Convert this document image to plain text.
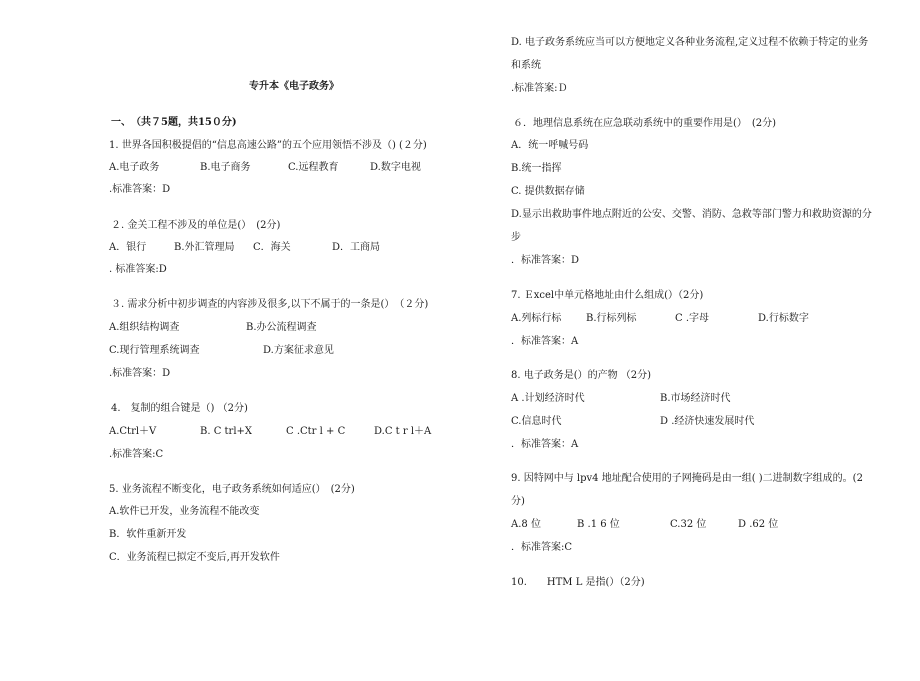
专升本《电子政务》
一、　（共７5题，共15０分)
1. 世界各国积极提倡的“信息高速公路”的五个应用领悟不涉及（) (２分)
A.电子政务	B.电子商务	C.远程教育	D.数字电视
.标准答案：D
２. 金关工程不涉及的单位是(）　(2分)
A．银行	B.外汇管理局 C．海关	D．工商局
. 标准答案:D
３. 需求分析中初步调查的内容涉及很多,以下不属于的一条是(）　（２分)
A.组织结构调查	B.办公流程调查
C.现行管理系统调查	D.方案征求意见
.标准答案：D
4.　复制的组合键是（) （2分)
A.Ctrl＋V	B. C trl+X	C .Ctr l + C	D.C t r l＋A
.标准答案:C
5. 业务流程不断变化，电子政务系统如何适应(）　(2分)
A.软件已开发，业务流程不能改变
B．软件重新开发
C．业务流程已拟定不变后,再开发软件
D. 电子政务系统应当可以方便地定义各种业务流程,定义过程不依赖于特定的业务
和系统
.标准答案:Ｄ
６．地理信息系统在应急联动系统中的重要作用是(）　(2分)
A．统一呼喊号码
B.统一指挥
C. 提供数据存储
D.显示出救助事件地点附近的公安、交警、消防、急救等部门警力和救助资源的分
步
．标准答案：D
7. Ｅxcel中单元格地址由什么组成(）（2分)
A.列标行标 B.行标列标	C .字母	D.行标数字
．标准答案：A
8. 电子政务是(）的产物 （2分)
A .计划经济时代	B.市场经济时代
C.信息时代	D .经济快速发展时代
．标准答案：A
9. 因特网中与 lpv4 地址配合使用的子网掩码是由一组( )二进制数字组成的。(2
分)
A.8 位	B .1 6 位	C.32 位	D .62 位
．标准答案:C
10.　　HTM L 是指(）（2分)
